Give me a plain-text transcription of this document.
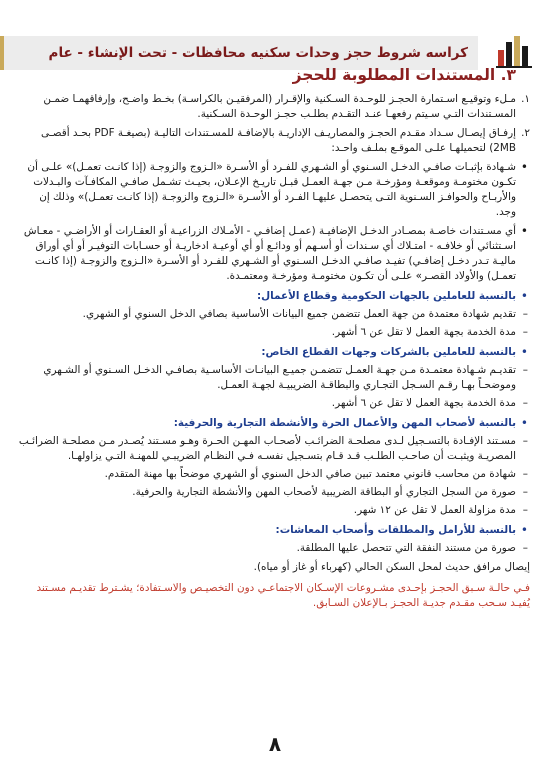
كراسه شروط حجز وحدات سكنيه محافظات - تحت الإنشاء - عام
٣. المستندات المطلوبة للحجز
١.
مـلء وتوقيـع اسـتمارة الحجـز للوحـدة السـكنية والإقـرار (المرفقيـن بالكراسـة) بخـط واضـح، وإرفاقهمـا ضمـن المسـتندات التـي سـيتم رفعهـا عنـد التقـدم بطلـب حجـز الوحـدة السـكنية.
٢.
إرفـاق إيصـال سـداد مقـدم الحجـز والمصاريـف الإداريـة بالإضافـة للمسـتندات التاليـة (بصيغـة PDF بحـد أقصـى 2MB) لتحميلهـا علـى الموقـع بملـف واحـد:
• شـهادة بإثبـات صافـي الدخـل السـنوي أو الشـهري للفـرد أو الأسـرة «الـزوج والزوجـة (إذا كانـت تعمـل)» علـى أن تكـون مختومـة وموقعـة ومؤرخـة مـن جهـة العمـل قبـل تاريـخ الإعـلان، بحيـث تشـمل صافـي المكافـآت والبـدلات والأربـاح والحوافـز السـنوية التـى يتحصـل عليهـا الفـرد أو الأسـرة «الـزوج والزوجـة (إذا كانـت تعمـل)» وذلك إن وجد.
• أي مسـتندات خاصـة بمصـادر الدخـل الإضافيـة (عمـل إضافـي - الأمـلاك الزراعيـة أو العقـارات أو الأراضـي - معـاش اسـتثنائي أو خلافـه - امتـلاك أي سـندات أو أسـهم أو ودائـع أو أي أوعيـة ادخاريـة أو حسـابات التوفيـر أو أي أوراق ماليـة تـدر دخـل إضافـي) تفيـد صافـي الدخـل السـنوي أو الشـهري للفـرد أو الأسـرة «الـزوج والزوجـة (إذا كانـت تعمـل) والأولاد القصـر» علـى أن تكـون مختومـة ومؤرخـة ومعتمـدة.
• بالنسبة للعاملين بالجهات الحكومية وقطاع الأعمال:
– تقديم شهادة معتمدة من جهة العمل تتضمن جميع البيانات الأساسية بصافي الدخل السنوي أو الشهري.
– مدة الخدمة بجهة العمل لا تقل عن ٦ أشهر.
• بالنسبة للعاملين بالشركات وجهات القطاع الخاص:
– تقديـم شـهادة معتمـدة مـن جهـة العمـل تتضمـن جميـع البيانـات الأساسـية بصافـي الدخـل السـنوي أو الشـهري وموضحـاً بهـا رقـم السـجل التجـاري والبطاقـة الضريبيـة لجهـة العمـل.
– مدة الخدمة بجهة العمل لا تقل عن ٦ أشهر.
• بالنسبة لأصحاب المهن والأعمال الحرة والأنشطة التجارية والحرفية:
– مسـتند الإفـادة بالتسـجيل لـدى مصلحـة الضرائـب لأصحـاب المهـن الحـرة وهـو مسـتند يُصـدر مـن مصلحـة الضرائـب المصريـة ويثبـت أن صاحـب الطلـب قـد قـام بتسـجيل نفسـه فـي النظـام الضريبـي للمهنـة التـي يزاولهـا.
– شهادة من محاسب قانوني معتمد تبين صافي الدخل السنوي أو الشهري موضحاً بها مهنة المتقدم.
– صورة من السجل التجاري أو البطاقة الضريبية لأصحاب المهن والأنشطة التجارية والحرفية.
– مدة مزاولة العمل لا تقل عن ١٢ شهر.
• بالنسبة للأرامل والمطلقات وأصحاب المعاشات:
– صورة من مستند النفقة التي تتحصل عليها المطلقة.
إيصال مرافق حديث لمحل السكن الحالي (كهرباء أو غاز أو مياه).
فـي حالـة سـبق الحجـز بإحـدى مشـروعات الإسـكان الاجتماعـي دون التخصيـص والاسـتفادة؛ يشـترط تقديـم مسـتند يُفيـد سـحب مقـدم جديـة الحجـز بـالإعلان السـابق.
٨
